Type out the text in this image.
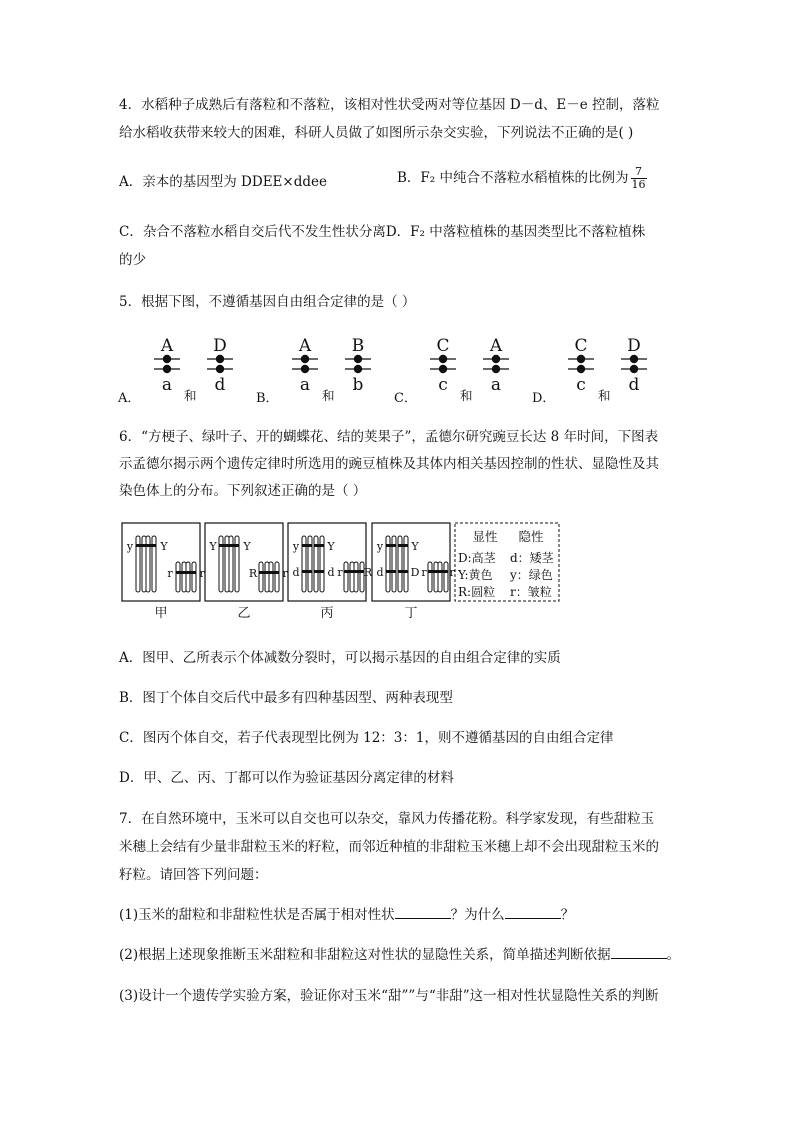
4．水稻种子成熟后有落粒和不落粒，该相对性状受两对等位基因 D－d、E－e 控制，落粒
给水稻收获带来较大的困难，科研人员做了如图所示杂交实验，下列说法不正确的是( )
A．亲本的基因型为 DDEE×ddee	B．F₂ 中纯合不落粒水稻植株的比例为 $\frac{7}{16}$
C．杂合不落粒水稻自交后代不发生性状分离D．F₂ 中落粒植株的基因类型比不落粒植株
的少
5．根据下图，不遵循基因自由组合定律的是（ ）
A
a
D
d
A
a
B
b
C
c
A
a
C
c
D
d
A．	和	B．	和	C．	和	D．	和
6．“方梗子、绿叶子、开的蝴蝶花、结的荚果子”，孟德尔研究豌豆长达 8 年时间，下图表
示孟德尔揭示两个遗传定律时所选用的豌豆植株及其体内相关基因控制的性状、显隐性及其
染色体上的分布。下列叙述正确的是（ ）
甲
y Y
r r
乙
Y Y
R r
丙
y	Y
d	d r R
丁
y	Y
d D r r
显性 隐性
D:高茎 d：矮茎
Y:黄色 y：绿色
R:圆粒 r：皱粒
A．图甲、乙所表示个体减数分裂时，可以揭示基因的自由组合定律的实质
B．图丁个体自交后代中最多有四种基因型、两种表现型
C．图丙个体自交，若子代表现型比例为 12：3：1，则不遵循基因的自由组合定律
D．甲、乙、丙、丁都可以作为验证基因分离定律的材料
7．在自然环境中，玉米可以自交也可以杂交，靠风力传播花粉。科学家发现，有些甜粒玉
米穗上会结有少量非甜粒玉米的籽粒，而邻近种植的非甜粒玉米穗上却不会出现甜粒玉米的
籽粒。请回答下列问题：
(1)玉米的甜粒和非甜粒性状是否属于相对性状	？为什么	？
(2)根据上述现象推断玉米甜粒和非甜粒这对性状的显隐性关系，简单描述判断依据	。
(3)设计一个遗传学实验方案，验证你对玉米“甜””与“非甜”这一相对性状显隐性关系的判断
